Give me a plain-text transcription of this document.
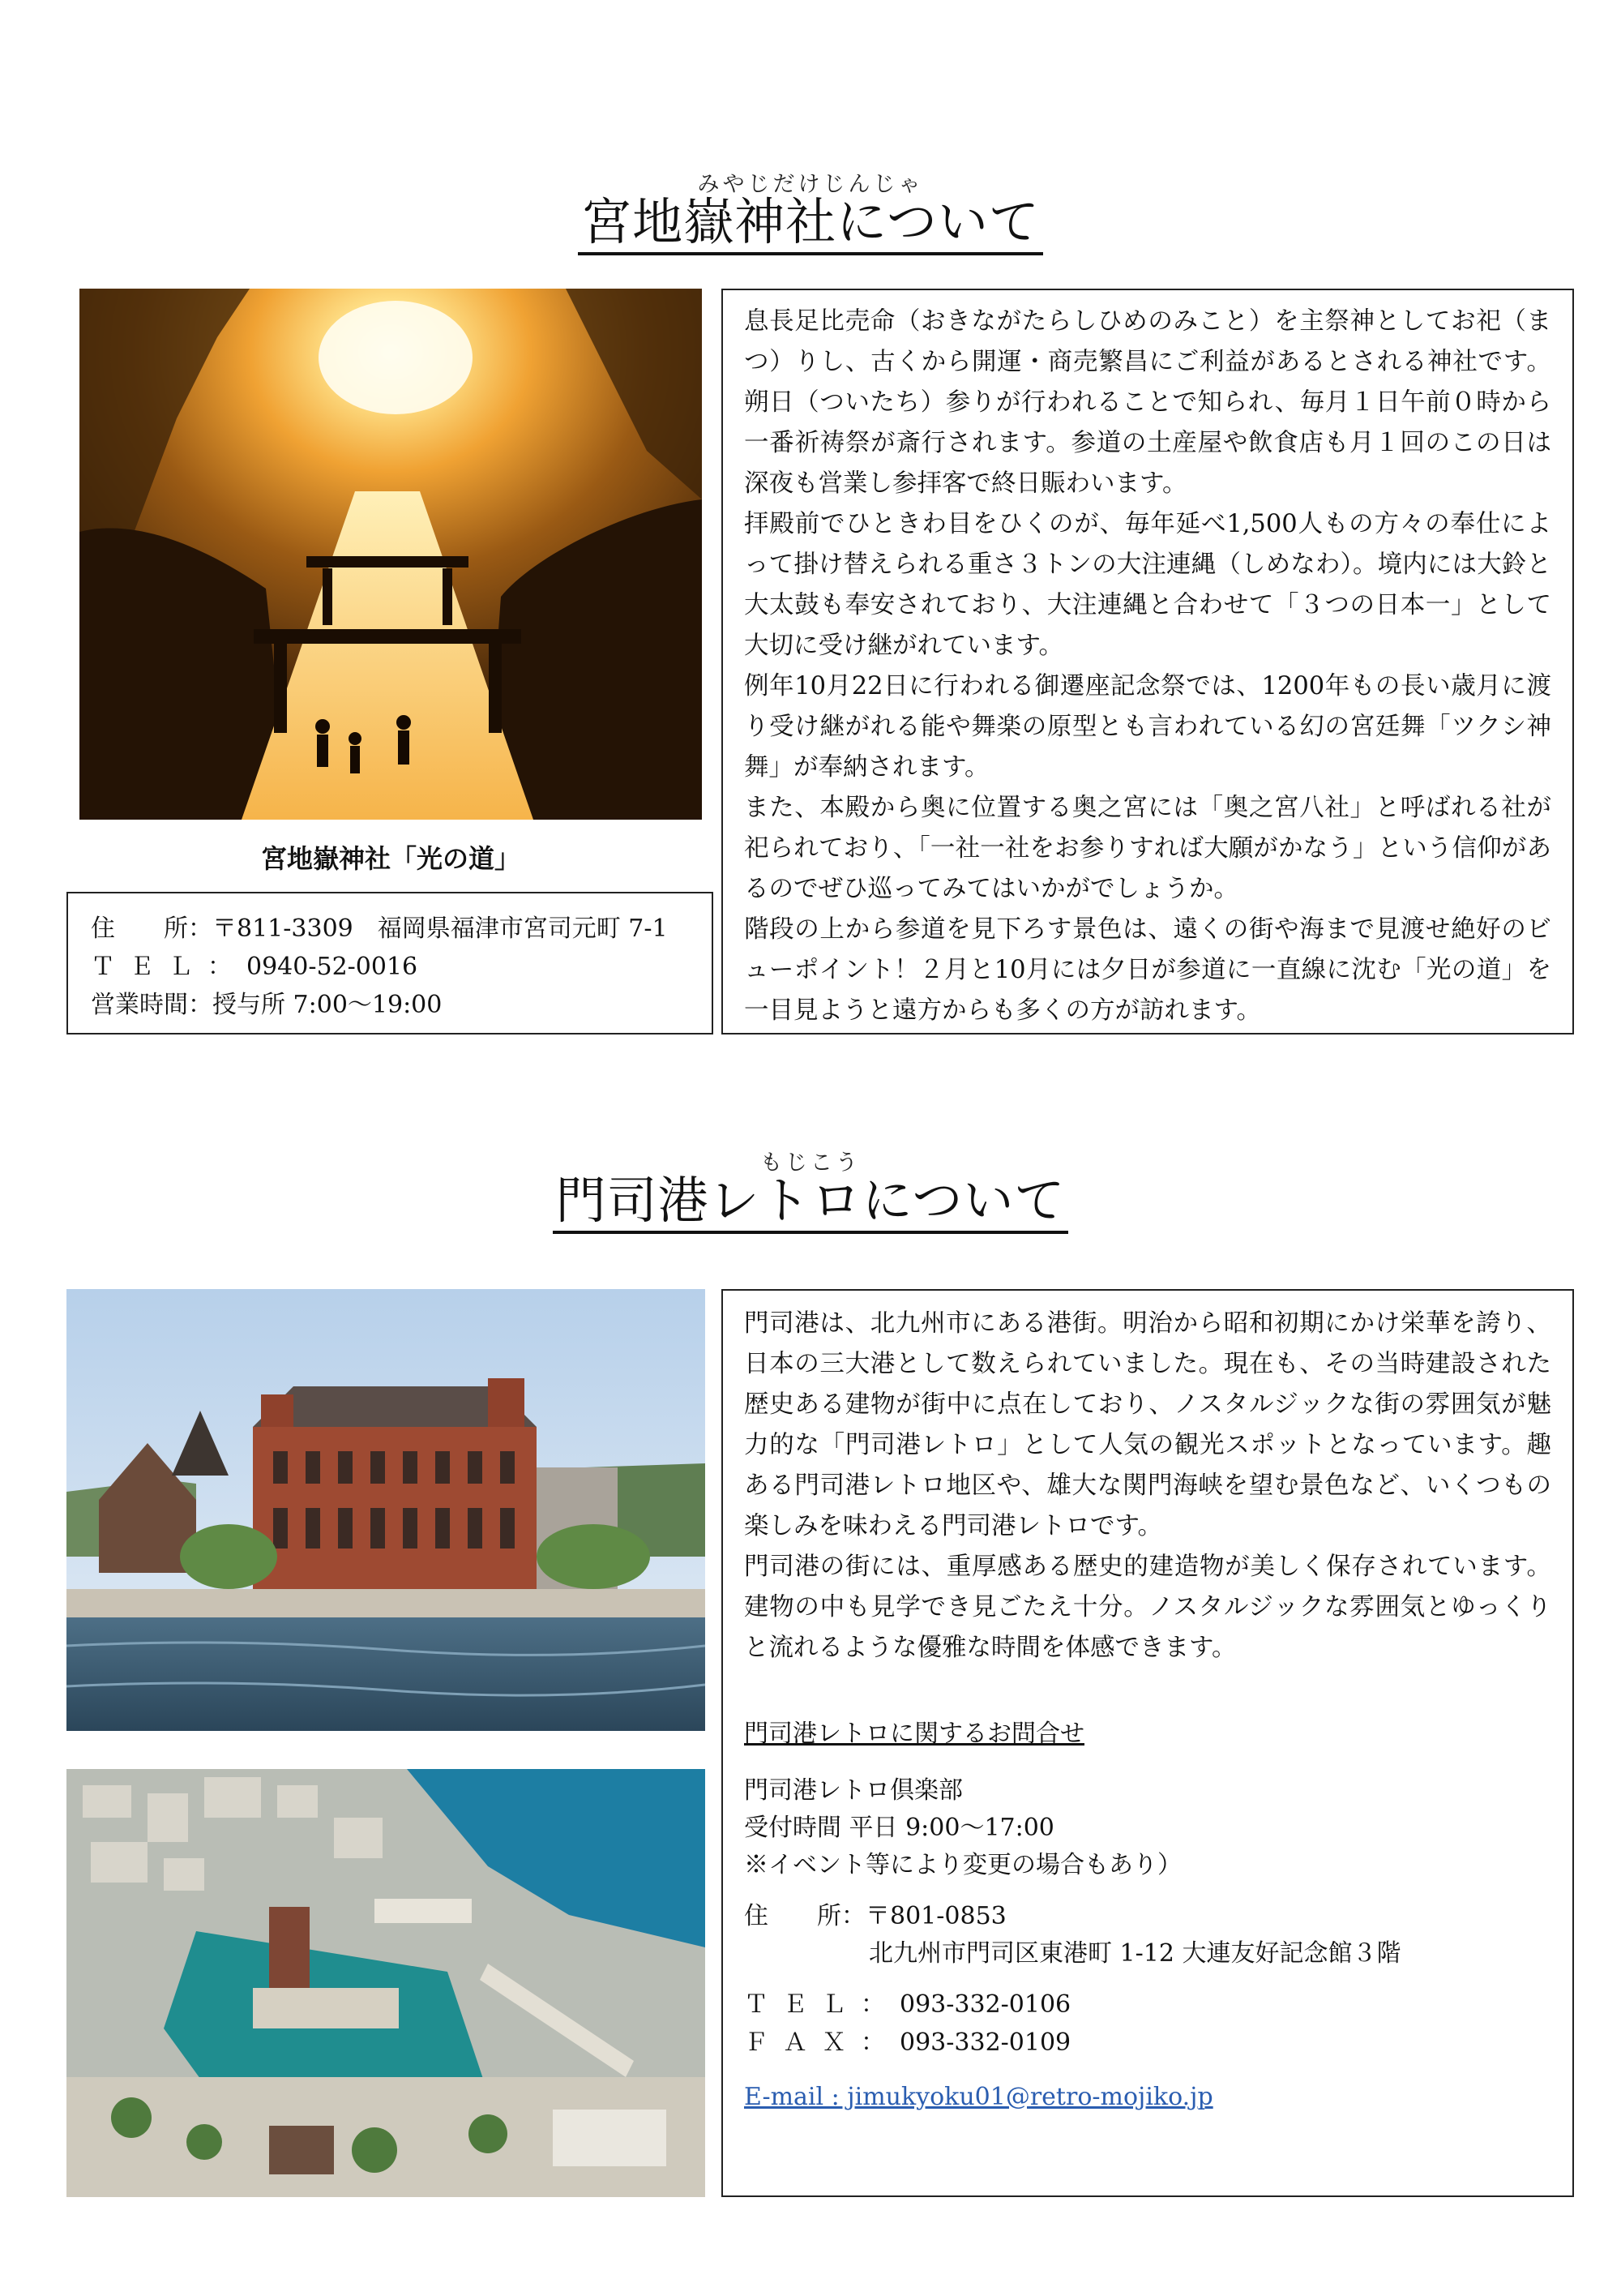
みやじだけじんじゃ
宮地嶽神社について
宮地嶽神社「光の道」
住　　所： 〒811-3309　福岡県福津市宮司元町 7-1
ＴＥＬ： 0940-52-0016
営業時間： 授与所 7:00〜19:00

息長足比売命（おきながたらしひめのみこと）を主祭神としてお祀（まつ）りし、古くから開運・商売繁昌にご利益があるとされる神社です。朔日（ついたち）参りが行われることで知られ、毎月１日午前０時から一番祈祷祭が斎行されます。参道の土産屋や飲食店も月１回のこの日は深夜も営業し参拝客で終日賑わいます。

拝殿前でひときわ目をひくのが、毎年延べ1,500人もの方々の奉仕によって掛け替えられる重さ３トンの大注連縄（しめなわ）。境内には大鈴と大太鼓も奉安されており、大注連縄と合わせて「３つの日本一」として大切に受け継がれています。

例年10月22日に行われる御遷座記念祭では、1200年もの長い歳月に渡り受け継がれる能や舞楽の原型とも言われている幻の宮廷舞「ツクシ神舞」が奉納されます。

また、本殿から奥に位置する奥之宮には「奥之宮八社」と呼ばれる社が祀られており、「一社一社をお参りすれば大願がかなう」という信仰があるのでぜひ巡ってみてはいかがでしょうか。

階段の上から参道を見下ろす景色は、遠くの街や海まで見渡せ絶好のビューポイント！２月と10月には夕日が参道に一直線に沈む「光の道」を一目見ようと遠方からも多くの方が訪れます。

もじこう
門司港レトロについて

門司港は、北九州市にある港街。明治から昭和初期にかけ栄華を誇り、日本の三大港として数えられていました。現在も、その当時建設された歴史ある建物が街中に点在しており、ノスタルジックな街の雰囲気が魅力的な「門司港レトロ」として人気の観光スポットとなっています。趣ある門司港レトロ地区や、雄大な関門海峡を望む景色など、いくつもの楽しみを味わえる門司港レトロです。

門司港の街には、重厚感ある歴史的建造物が美しく保存されています。建物の中も見学でき見ごたえ十分。ノスタルジックな雰囲気とゆっくりと流れるような優雅な時間を体感できます。

門司港レトロに関するお問合せ
門司港レトロ倶楽部
受付時間 平日 9:00〜17:00
※イベント等により変更の場合もあり）
住　　所： 〒801-0853
北九州市門司区東港町 1-12 大連友好記念館３階
ＴＥＬ： 093-332-0106
ＦＡＸ： 093-332-0109
E-mail : jimukyoku01@retro-mojiko.jp
